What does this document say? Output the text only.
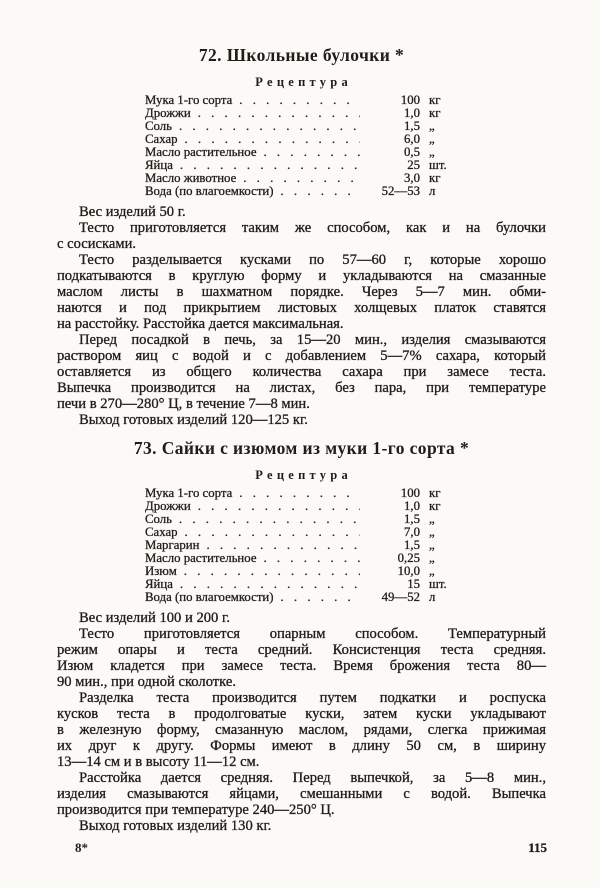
72. Школьные булочки *
Рецептура
Мука 1-го сорта . . .	100 кг
Дрожжи . . .	1,0 кг
Соль . . .	1,5 „
Сахар . . .	6,0 „
Масло растительное . . .	0,5 „
Яйца . . .	25 шт.
Масло животное . . .	3,0 кг
Вода (по влагоемкости) . . .	52—53 л
Вес изделий 50 г.
Тесто приготовляется таким же способом, как и на булочки
с сосисками.
Тесто разделывается кусками по 57—60 г, которые хорошо
подкатываются в круглую форму и укладываются на смазанные
маслом листы в шахматном порядке. Через 5—7 мин. обми-
наются и под прикрытием листовых холщевых платок ставятся
на расстойку. Расстойка дается максимальная.
Перед посадкой в печь, за 15—20 мин., изделия смазываются
раствором яиц с водой и с добавлением 5—7% сахара, который
оставляется из общего количества сахара при замесе теста.
Выпечка производится на листах, без пара, при температуре
печи в 270—280° Ц, в течение 7—8 мин.
Выход готовых изделий 120—125 кг.
73. Сайки с изюмом из муки 1-го сорта *
Рецептура
Мука 1-го сорта . . .	100 кг
Дрожжи . . .	1,0 кг
Соль . . .	1,5 „
Сахар . . .	7,0 „
Маргарин . . .	1,5 „
Масло растительное . . .	0,25 „
Изюм . . .	10,0 „
Яйца . . .	15 шт.
Вода (по влагоемкости) . . .	49—52 л
Вес изделий 100 и 200 г.
Тесто приготовляется опарным способом. Температурный
режим опары и теста средний. Консистенция теста средняя.
Изюм кладется при замесе теста. Время брожения теста 80—
90 мин., при одной сколотке.
Разделка теста производится путем подкатки и роспуска
кусков теста в продолговатые куски, затем куски укладывают
в железную форму, смазанную маслом, рядами, слегка прижимая
их друг к другу. Формы имеют в длину 50 см, в ширину
13—14 см и в высоту 11—12 см.
Расстойка дается средняя. Перед выпечкой, за 5—8 мин.,
изделия смазываются яйцами, смешанными с водой. Выпечка
производится при температуре 240—250° Ц.
Выход готовых изделий 130 кг.
8*	115
